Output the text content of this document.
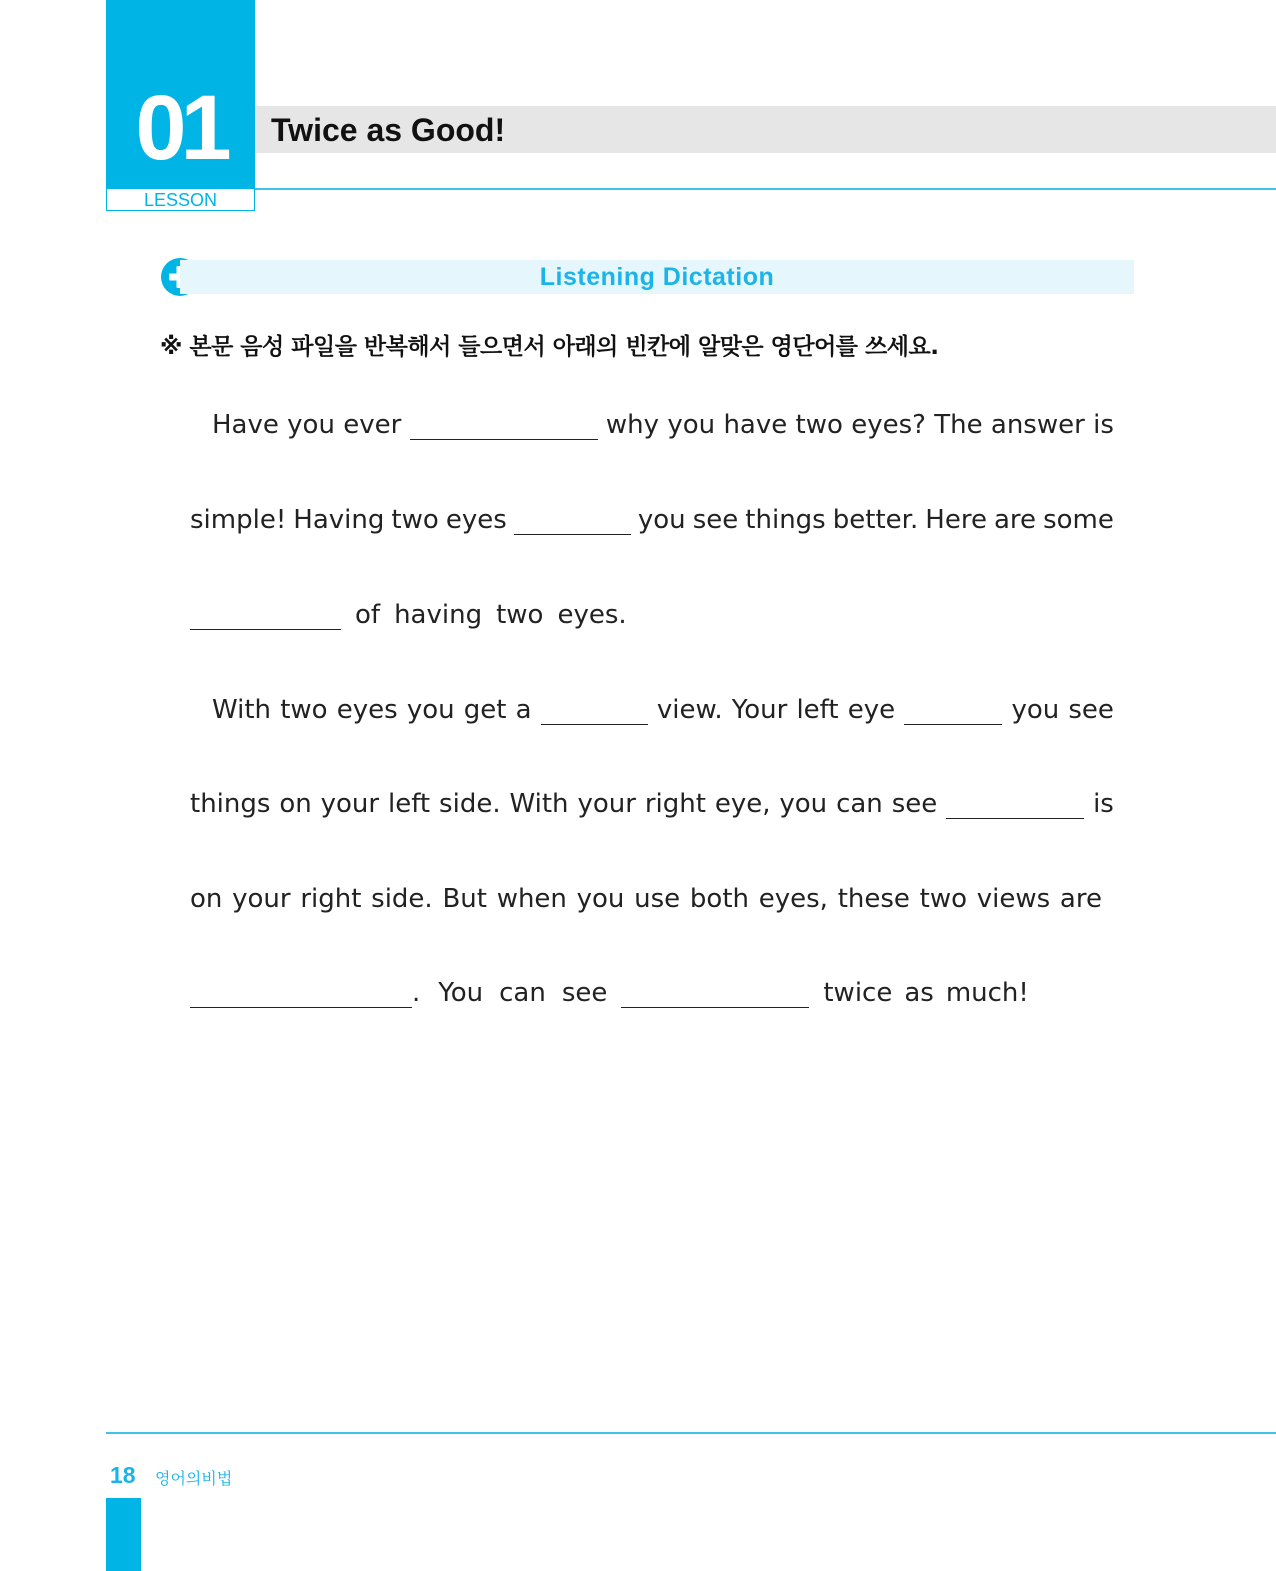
01
LESSON
Twice as Good!
Listening Dictation
※ 본문 음성 파일을 반복해서 들으면서 아래의 빈칸에 알맞은 영단어를 쓰세요.
Have you ever	why you have two eyes? The answer is
simple! Having two eyes	you see things better. Here are some
of having two eyes.
With two eyes you get a	view. Your left eye	you see
things on your left side. With your right eye, you can see	is
on your right side. But when you use both eyes, these two views are
. You can see	twice as much!
18 영어의비법
